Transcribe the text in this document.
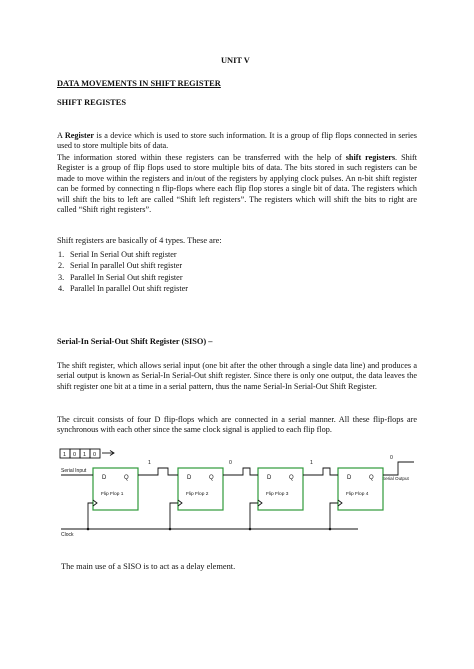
UNIT V
DATA MOVEMENTS IN SHIFT REGISTER
SHIFT REGISTES
A Register is a device which is used to store such information. It is a group of flip flops connected in series used to store multiple bits of data.
The information stored within these registers can be transferred with the help of shift registers. Shift Register is a group of flip flops used to store multiple bits of data. The bits stored in such registers can be made to move within the registers and in/out of the registers by applying clock pulses. An n-bit shift register can be formed by connecting n flip-flops where each flip flop stores a single bit of data. The registers which will shift the bits to left are called “Shift left registers”. The registers which will shift the bits to right are called “Shift right registers”.
Shift registers are basically of 4 types. These are:
1. Serial In Serial Out shift register
2. Serial In parallel Out shift register
3. Parallel In Serial Out shift register
4. Parallel In parallel Out shift register
Serial-In Serial-Out Shift Register (SISO) –
The shift register, which allows serial input (one bit after the other through a single data line) and produces a serial output is known as Serial-In Serial-Out shift register. Since there is only one output, the data leaves the shift register one bit at a time in a serial pattern, thus the name Serial-In Serial-Out Shift Register.
The circuit consists of four D flip-flops which are connected in a serial manner. All these flip-flops are synchronous with each other since the same clock signal is applied to each flip flop.
1 0 1 0
Serial Input
Clock
Serial Output
1	0	1
0
D	Q	D	Q	D	Q	D	Q
Flip Flop 1	Flip Flop 2	Flip Flop 3	Flip Flop 4
The main use of a SISO is to act as a delay element.
